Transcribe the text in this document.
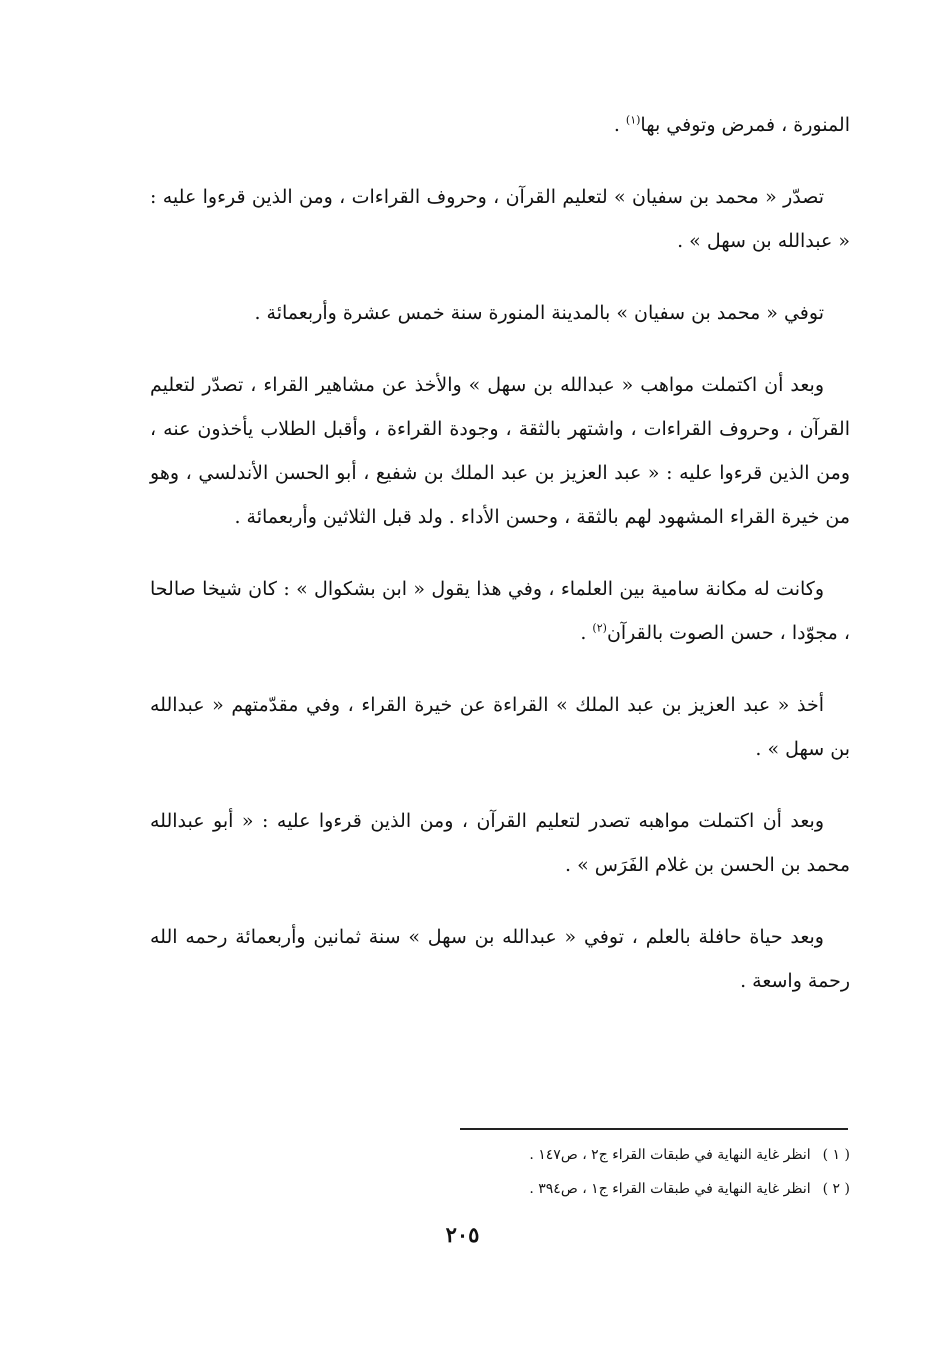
المنورة ، فمرض وتوفي بها$^{(١)}$ .

تصدّر « محمد بن سفيان » لتعليم القرآن ، وحروف القراءات ، ومن الذين قرءوا عليه : « عبدالله بن سهل » .

توفي « محمد بن سفيان » بالمدينة المنورة سنة خمس عشرة وأربعمائة .

وبعد أن اكتملت مواهب « عبدالله بن سهل » والأخذ عن مشاهير القراء ، تصدّر لتعليم القرآن ، وحروف القراءات ، واشتهر بالثقة ، وجودة القراءة ، وأقبل الطلاب يأخذون عنه ، ومن الذين قرءوا عليه : « عبد العزيز بن عبد الملك بن شفيع ، أبو الحسن الأندلسي ، وهو من خيرة القراء المشهود لهم بالثقة ، وحسن الأداء . ولد قبل الثلاثين وأربعمائة .

وكانت له مكانة سامية بين العلماء ، وفي هذا يقول « ابن بشكوال » : كان شيخا صالحا ، مجوّدا ، حسن الصوت بالقرآن$^{(٢)}$ .

أخذ « عبد العزيز بن عبد الملك » القراءة عن خيرة القراء ، وفي مقدّمتهم « عبدالله بن سهل » .

وبعد أن اكتملت مواهبه تصدر لتعليم القرآن ، ومن الذين قرءوا عليه : « أبو عبدالله محمد بن الحسن بن غلام الفَرَس » .

وبعد حياة حافلة بالعلم ، توفي « عبدالله بن سهل » سنة ثمانين وأربعمائة رحمه الله رحمة واسعة .

( ١ )انظر غاية النهاية في طبقات القراء ج٢ ، ص١٤٧ .

( ٢ )انظر غاية النهاية في طبقات القراء ج١ ، ص٣٩٤ .

٢٠٥
